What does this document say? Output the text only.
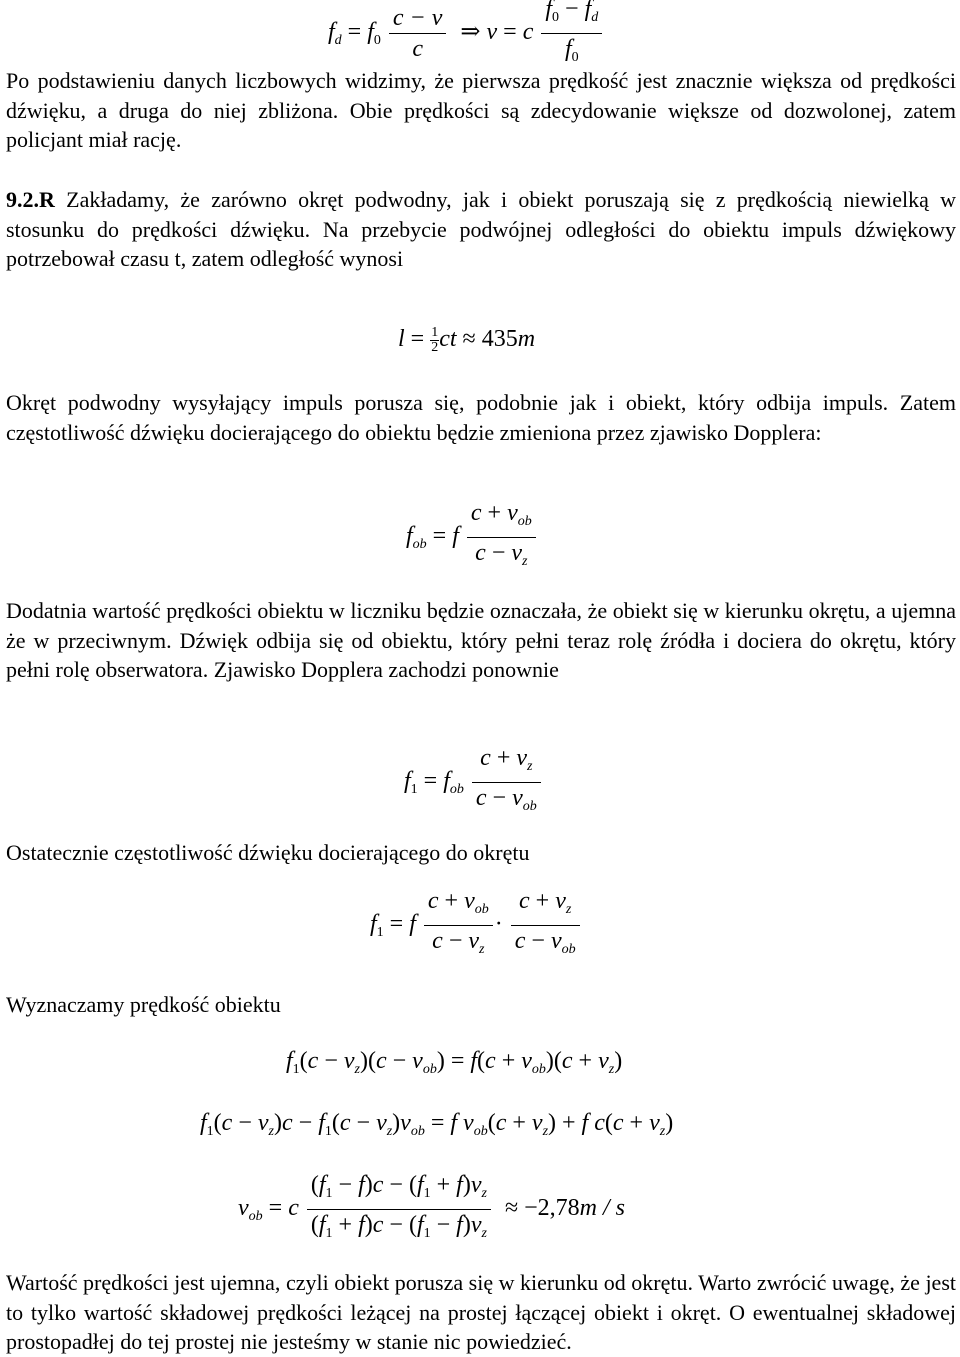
$f_d = f_0 \frac{c - v}{c}$ ⇒ v = c $\frac{f_0 - f_d}{f_0}$

Po podstawieniu danych liczbowych widzimy, że pierwsza prędkość jest znacznie większa od prędkości dźwięku, a druga do niej zbliżona. Obie prędkości są zdecydowanie większe od dozwolonej, zatem policjant miał rację.

9.2.R Zakładamy, że zarówno okręt podwodny, jak i obiekt poruszają się z prędkością niewielką w stosunku do prędkości dźwięku. Na przebycie podwójnej odległości do obiektu impuls dźwiękowy potrzebował czasu t, zatem odległość wynosi

$l = \frac{1}{2}$ ct ≈ 435m

Okręt podwodny wysyłający impuls porusza się, podobnie jak i obiekt, który odbija impuls. Zatem częstotliwość dźwięku docierającego do obiektu będzie zmieniona przez zjawisko Dopplera:

$f_{ob} = f \frac{c + v_{ob}}{c - v_z}$

Dodatnia wartość prędkości obiektu w liczniku będzie oznaczała, że obiekt się w kierunku okrętu, a ujemna że w przeciwnym. Dźwięk odbija się od obiektu, który pełni teraz rolę źródła i dociera do okrętu, który pełni rolę obserwatora. Zjawisko Dopplera zachodzi ponownie

$f_1 = f_{ob} \frac{c + v_z}{c - v_{ob}}$

Ostatecznie częstotliwość dźwięku docierającego do okrętu

$f_1 = f \frac{c + v_{ob}}{c - v_z} \cdot \frac{c + v_z}{c - v_{ob}}$

Wyznaczamy prędkość obiektu

$f_1(c - v_z)(c - v_{ob}) = f(c + v_{ob})(c + v_z)$
$f_1(c - v_z)c - f_1(c - v_z)v_{ob} = f$ $v_{ob}(c + v_z) + f$ $c(c + v_z)$
$v_{ob} = c \frac{(f_1 - f)c - (f_1 + f)v_z}{(f_1 + f)c - (f_1 - f)v_z} \approx -2,78m / s$

Wartość prędkości jest ujemna, czyli obiekt porusza się w kierunku od okrętu. Warto zwrócić uwagę, że jest to tylko wartość składowej prędkości leżącej na prostej łączącej obiekt i okręt. O ewentualnej składowej prostopadłej do tej prostej nie jesteśmy w stanie nic powiedzieć.
